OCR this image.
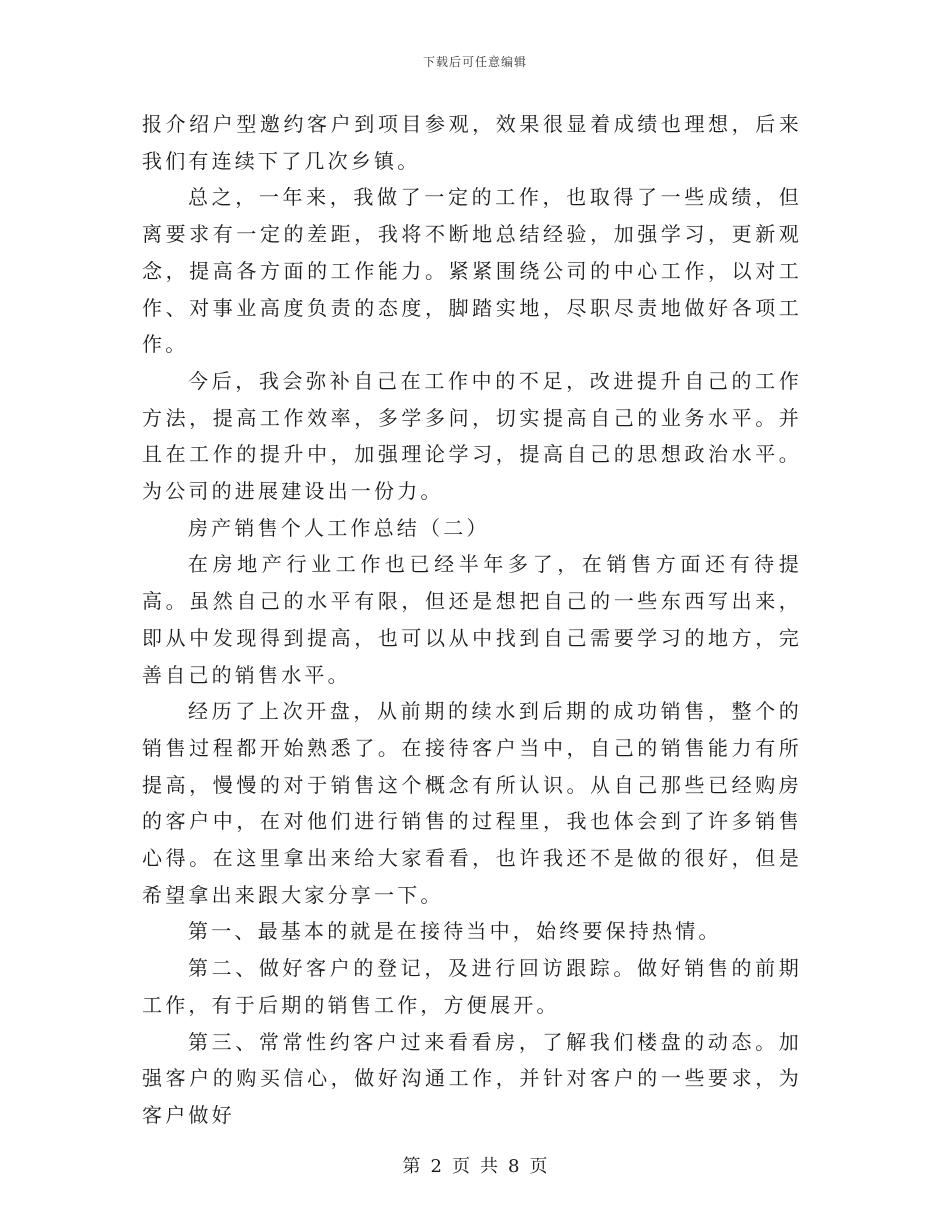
下载后可任意编辑

报介绍户型邀约客户到项目参观，效果很显着成绩也理想，后来我们有连续下了几次乡镇。

总之，一年来，我做了一定的工作，也取得了一些成绩，但离要求有一定的差距，我将不断地总结经验，加强学习，更新观念，提高各方面的工作能力。紧紧围绕公司的中心工作，以对工作、对事业高度负责的态度，脚踏实地，尽职尽责地做好各项工作。

今后，我会弥补自己在工作中的不足，改进提升自己的工作方法，提高工作效率，多学多问，切实提高自己的业务水平。并且在工作的提升中，加强理论学习，提高自己的思想政治水平。为公司的进展建设出一份力。

房产销售个人工作总结（二）

在房地产行业工作也已经半年多了，在销售方面还有待提高。虽然自己的水平有限，但还是想把自己的一些东西写出来，即从中发现得到提高，也可以从中找到自己需要学习的地方，完善自己的销售水平。

经历了上次开盘，从前期的续水到后期的成功销售，整个的销售过程都开始熟悉了。在接待客户当中，自己的销售能力有所提高，慢慢的对于销售这个概念有所认识。从自己那些已经购房的客户中，在对他们进行销售的过程里，我也体会到了许多销售心得。在这里拿出来给大家看看，也许我还不是做的很好，但是希望拿出来跟大家分享一下。

第一、最基本的就是在接待当中，始终要保持热情。

第二、做好客户的登记，及进行回访跟踪。做好销售的前期工作，有于后期的销售工作，方便展开。

第三、常常性约客户过来看看房，了解我们楼盘的动态。加强客户的购买信心，做好沟通工作，并针对客户的一些要求，为客户做好

第 2 页 共 8 页
